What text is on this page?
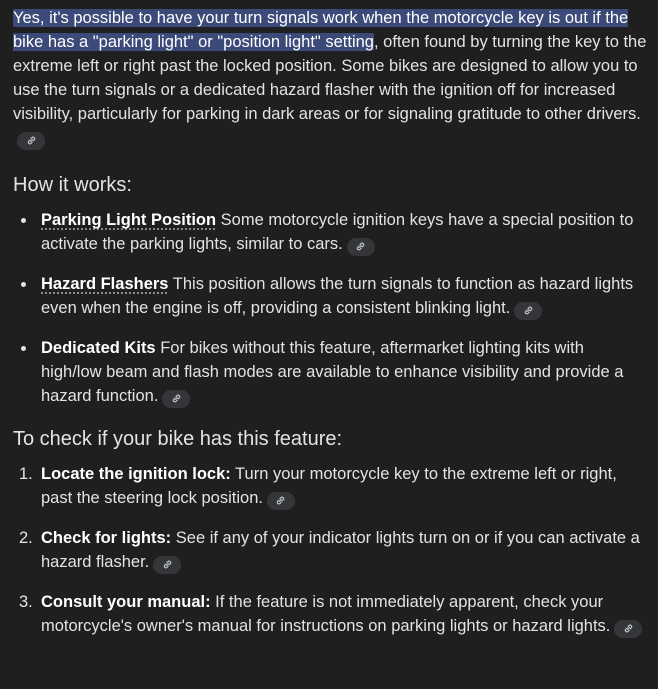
Yes, it's possible to have your turn signals work when the motorcycle key is out if the bike has a "parking light" or "position light" setting, often found by turning the key to the extreme left or right past the locked position. Some bikes are designed to allow you to use the turn signals or a dedicated hazard flasher with the ignition off for increased visibility, particularly for parking in dark areas or for signaling gratitude to other drivers.

How it works:
Parking Light Position Some motorcycle ignition keys have a special position to activate the parking lights, similar to cars.
Hazard Flashers This position allows the turn signals to function as hazard lights even when the engine is off, providing a consistent blinking light.
Dedicated Kits For bikes without this feature, aftermarket lighting kits with high/low beam and flash modes are available to enhance visibility and provide a hazard function.
To check if your bike has this feature:
1. Locate the ignition lock: Turn your motorcycle key to the extreme left or right, past the steering lock position.
2. Check for lights: See if any of your indicator lights turn on or if you can activate a hazard flasher.
3. Consult your manual: If the feature is not immediately apparent, check your motorcycle's owner's manual for instructions on parking lights or hazard lights.
